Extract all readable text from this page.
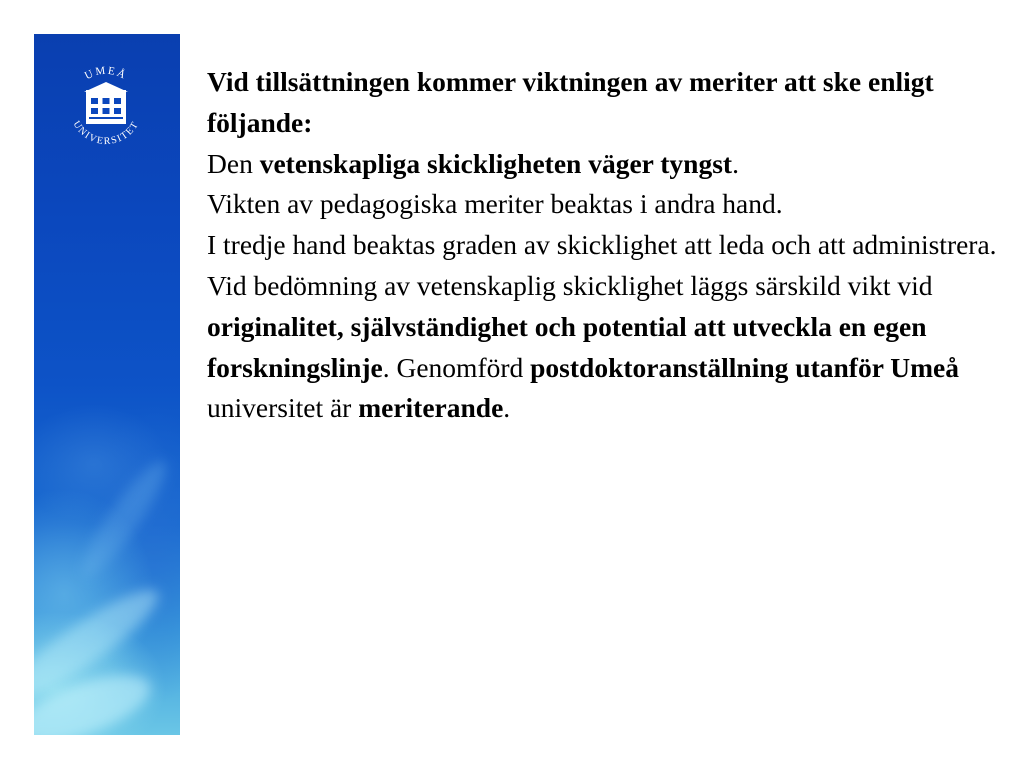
UMEÅ
UNIVERSITET

Vid tillsättningen kommer viktningen av meriter att ske enligt följande:

Den vetenskapliga skickligheten väger tyngst.

Vikten av pedagogiska meriter beaktas i andra hand.

I tredje hand beaktas graden av skicklighet att leda och att administrera.

Vid bedömning av vetenskaplig skicklighet läggs särskild vikt vid originalitet, självständighet och potential att utveckla en egen forskningslinje. Genomförd postdoktoranställning utanför Umeå universitet är meriterande.
